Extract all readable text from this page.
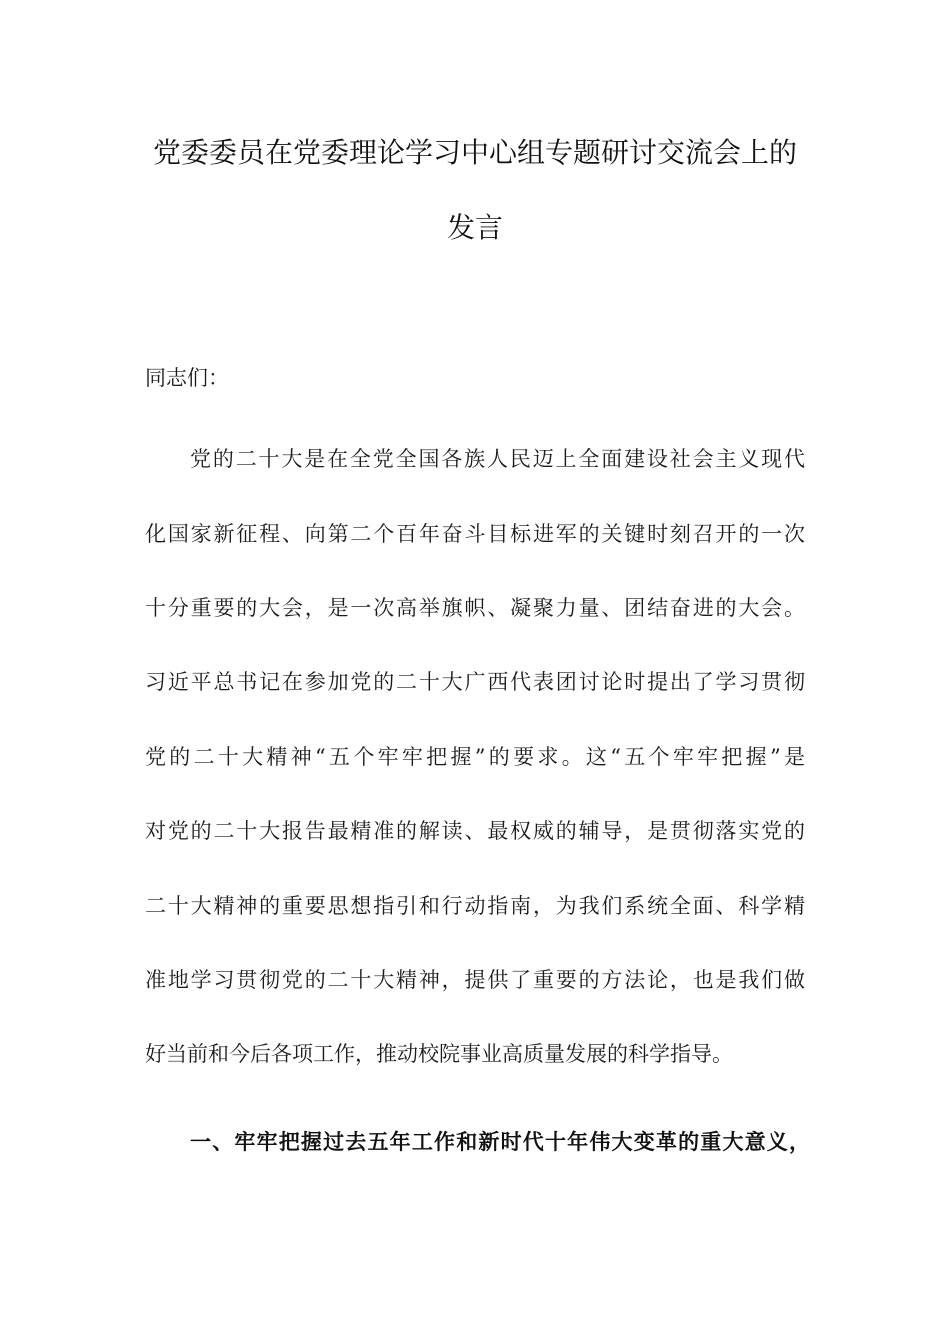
党委委员在党委理论学习中心组专题研讨交流会上的
发言
同志们：
党的二十大是在全党全国各族人民迈上全面建设社会主义现代
化国家新征程、向第二个百年奋斗目标进军的关键时刻召开的一次
十分重要的大会，是一次高举旗帜、凝聚力量、团结奋进的大会。
习近平总书记在参加党的二十大广西代表团讨论时提出了学习贯彻
党的二十大精神“五个牢牢把握”的要求。这“五个牢牢把握”是
对党的二十大报告最精准的解读、最权威的辅导，是贯彻落实党的
二十大精神的重要思想指引和行动指南，为我们系统全面、科学精
准地学习贯彻党的二十大精神，提供了重要的方法论，也是我们做
好当前和今后各项工作，推动校院事业高质量发展的科学指导。
一、牢牢把握过去五年工作和新时代十年伟大变革的重大意义，
